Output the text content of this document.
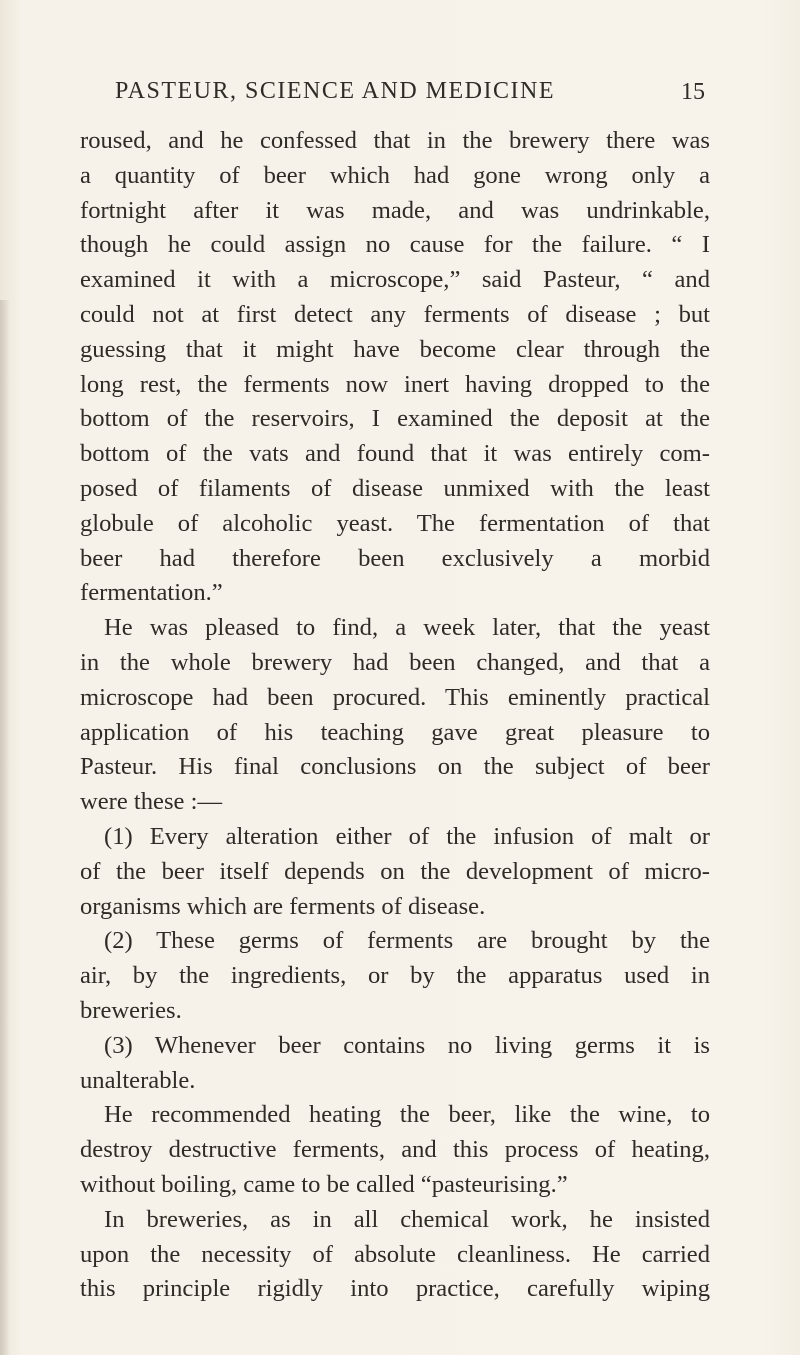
PASTEUR, SCIENCE AND MEDICINE	15
roused, and he confessed that in the brewery there was
a quantity of beer which had gone wrong only a
fortnight after it was made, and was undrinkable,
though he could assign no cause for the failure. “ I
examined it with a microscope,” said Pasteur, “ and
could not at first detect any ferments of disease ; but
guessing that it might have become clear through the
long rest, the ferments now inert having dropped to the
bottom of the reservoirs, I examined the deposit at the
bottom of the vats and found that it was entirely com-
posed of filaments of disease unmixed with the least
globule of alcoholic yeast. The fermentation of that
beer had therefore been exclusively a morbid
fermentation.”
He was pleased to find, a week later, that the yeast
in the whole brewery had been changed, and that a
microscope had been procured. This eminently practical
application of his teaching gave great pleasure to
Pasteur. His final conclusions on the subject of beer
were these :—
(1) Every alteration either of the infusion of malt or
of the beer itself depends on the development of micro-
organisms which are ferments of disease.
(2) These germs of ferments are brought by the
air, by the ingredients, or by the apparatus used in
breweries.
(3) Whenever beer contains no living germs it is
unalterable.
He recommended heating the beer, like the wine, to
destroy destructive ferments, and this process of heating,
without boiling, came to be called “pasteurising.”
In breweries, as in all chemical work, he insisted
upon the necessity of absolute cleanliness. He carried
this principle rigidly into practice, carefully wiping
